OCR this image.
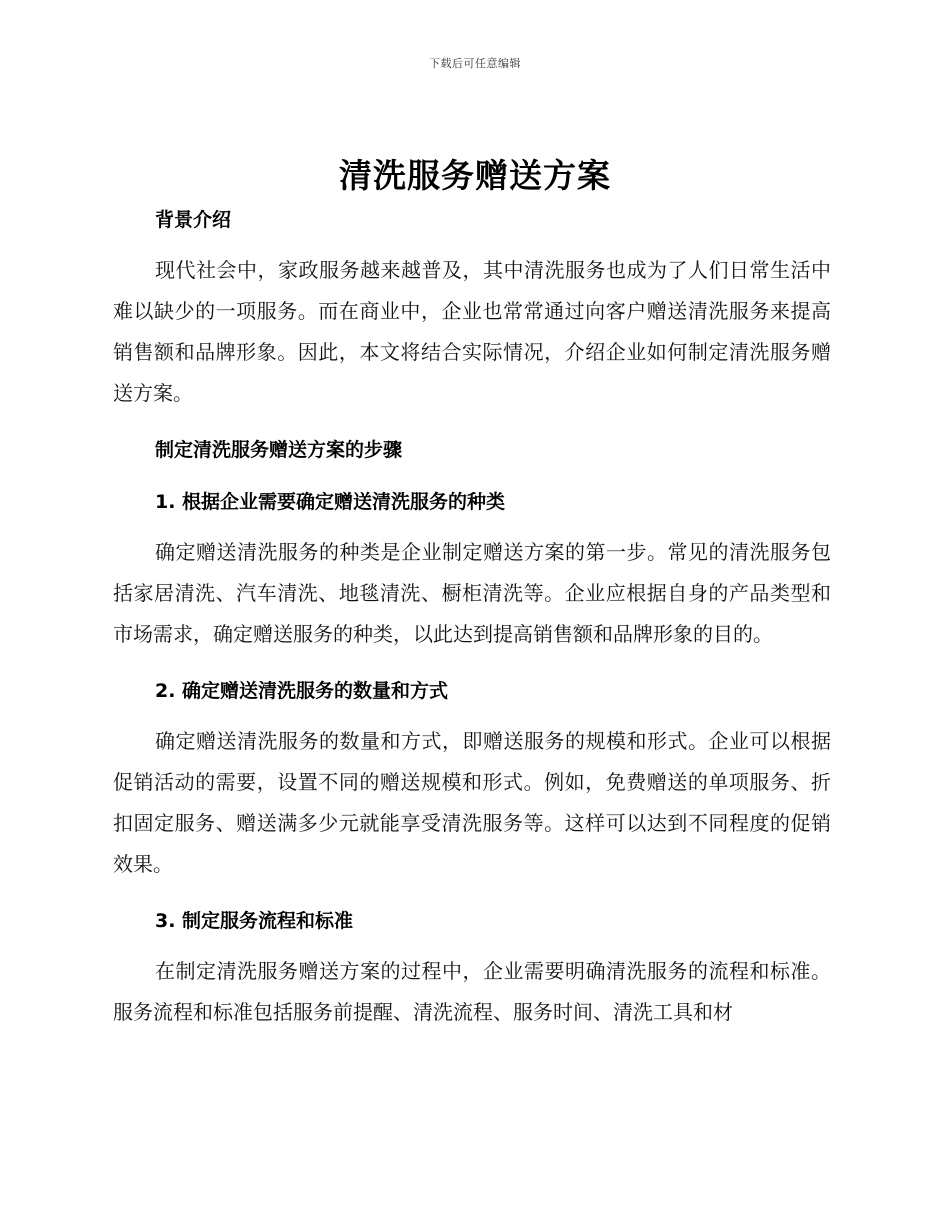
下载后可任意编辑
清洗服务赠送方案
背景介绍

现代社会中，家政服务越来越普及，其中清洗服务也成为了人们日常生活中难以缺少的一项服务。而在商业中，企业也常常通过向客户赠送清洗服务来提高销售额和品牌形象。因此，本文将结合实际情况，介绍企业如何制定清洗服务赠送方案。

制定清洗服务赠送方案的步骤
1. 根据企业需要确定赠送清洗服务的种类

确定赠送清洗服务的种类是企业制定赠送方案的第一步。常见的清洗服务包括家居清洗、汽车清洗、地毯清洗、橱柜清洗等。企业应根据自身的产品类型和市场需求，确定赠送服务的种类，以此达到提高销售额和品牌形象的目的。

2. 确定赠送清洗服务的数量和方式

确定赠送清洗服务的数量和方式，即赠送服务的规模和形式。企业可以根据促销活动的需要，设置不同的赠送规模和形式。例如，免费赠送的单项服务、折扣固定服务、赠送满多少元就能享受清洗服务等。这样可以达到不同程度的促销效果。

3. 制定服务流程和标准

在制定清洗服务赠送方案的过程中，企业需要明确清洗服务的流程和标准。服务流程和标准包括服务前提醒、清洗流程、服务时间、清洗工具和材
